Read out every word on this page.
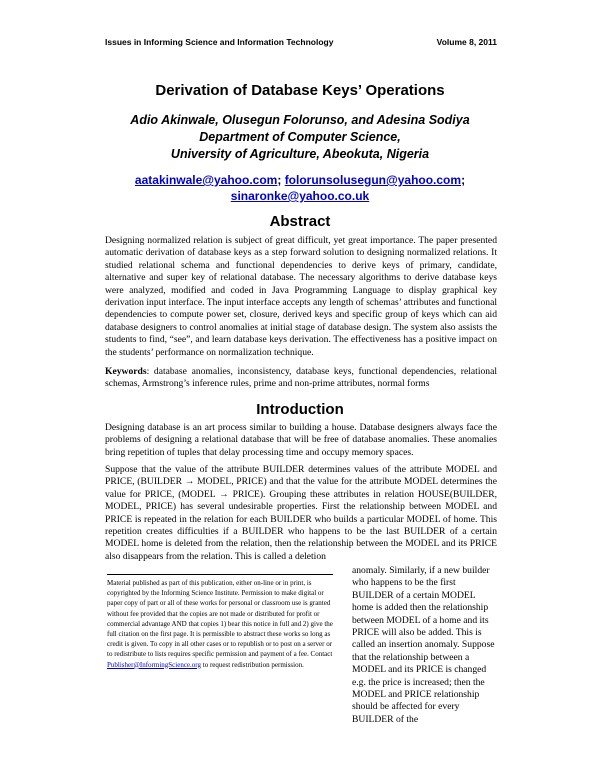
Issues in Informing Science and Information Technology	Volume 8, 2011
Derivation of Database Keys’ Operations
Adio Akinwale, Olusegun Folorunso, and Adesina Sodiya
Department of Computer Science,
University of Agriculture, Abeokuta, Nigeria
aatakinwale@yahoo.com; folorunsolusegun@yahoo.com;
sinaronke@yahoo.co.uk
Abstract
Designing normalized relation is subject of great difficult, yet great importance. The paper presented automatic derivation of database keys as a step forward solution to designing normalized relations. It studied relational schema and functional dependencies to derive keys of primary, candidate, alternative and super key of relational database. The necessary algorithms to derive database keys were analyzed, modified and coded in Java Programming Language to display graphical key derivation input interface. The input interface accepts any length of schemas’ attributes and functional dependencies to compute power set, closure, derived keys and specific group of keys which can aid database designers to control anomalies at initial stage of database design. The system also assists the students to find, “see”, and learn database keys derivation. The effectiveness has a positive impact on the students’ performance on normalization technique.
Keywords: database anomalies, inconsistency, database keys, functional dependencies, relational schemas, Armstrong’s inference rules, prime and non-prime attributes, normal forms
Introduction
Designing database is an art process similar to building a house. Database designers always face the problems of designing a relational database that will be free of database anomalies. These anomalies bring repetition of tuples that delay processing time and occupy memory spaces.
Suppose that the value of the attribute BUILDER determines values of the attribute MODEL and PRICE, (BUILDER → MODEL, PRICE) and that the value for the attribute MODEL determines the value for PRICE, (MODEL → PRICE). Grouping these attributes in relation HOUSE(BUILDER, MODEL, PRICE) has several undesirable properties. First the relationship between MODEL and PRICE is repeated in the relation for each BUILDER who builds a particular MODEL of home. This repetition creates difficulties if a BUILDER who happens to be the last BUILDER of a certain MODEL home is deleted from the relation, then the relationship between the MODEL and its PRICE also disappears from the relation. This is called a deletion
Material published as part of this publication, either on-line or in print, is copyrighted by the Informing Science Institute. Permission to make digital or paper copy of part or all of these works for personal or classroom use is granted without fee provided that the copies are not made or distributed for profit or commercial advantage AND that copies 1) bear this notice in full and 2) give the full citation on the first page. It is permissible to abstract these works so long as credit is given. To copy in all other cases or to republish or to post on a server or to redistribute to lists requires specific permission and payment of a fee. Contact Publisher@InformingScience.org to request redistribution permission.
anomaly. Similarly, if a new builder who happens to be the first BUILDER of a certain MODEL home is added then the relationship between MODEL of a home and its PRICE will also be added. This is called an insertion anomaly. Suppose that the relationship between a MODEL and its PRICE is changed e.g. the price is increased; then the MODEL and PRICE relationship should be affected for every BUILDER of the
